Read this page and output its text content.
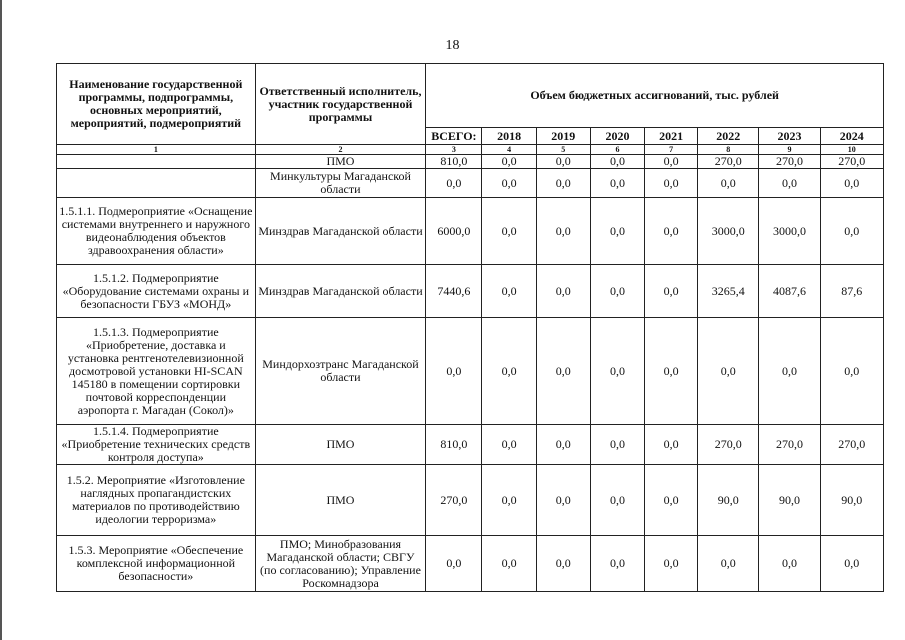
18
Наименование государственной программы, подпрограммы, основных мероприятий, мероприятий, подмероприятий	Ответственный исполнитель, участник государственной программы	Объем бюджетных ассигнований, тыс. рублей							
		ВСЕГО:	2018	2019	2020	2021	2022	2023	2024
1	2	3	4	5	6	7	8	9	10
	ПМО	810,0	0,0	0,0	0,0	0,0	270,0	270,0	270,0
	Минкультуры Магаданской области	0,0	0,0	0,0	0,0	0,0	0,0	0,0	0,0
1.5.1.1. Подмероприятие «Оснащение системами внутреннего и наружного видеонаблюдения объектов здравоохранения области»	Минздрав Магаданской области	6000,0	0,0	0,0	0,0	0,0	3000,0	3000,0	0,0
1.5.1.2. Подмероприятие «Оборудование системами охраны и безопасности ГБУЗ «МОНД»	Минздрав Магаданской области	7440,6	0,0	0,0	0,0	0,0	3265,4	4087,6	87,6
1.5.1.3. Подмероприятие «Приобретение, доставка и установка рентгенотелевизионной досмотровой установки HI-SCAN 145180 в помещении сортировки почтовой корреспонденции аэропорта г. Магадан (Сокол)»	Миндорхозтранс Магаданской области	0,0	0,0	0,0	0,0	0,0	0,0	0,0	0,0
1.5.1.4. Подмероприятие «Приобретение технических средств контроля доступа»	ПМО	810,0	0,0	0,0	0,0	0,0	270,0	270,0	270,0
1.5.2. Мероприятие «Изготовление наглядных пропагандистских материалов по противодействию идеологии терроризма»	ПМО	270,0	0,0	0,0	0,0	0,0	90,0	90,0	90,0
1.5.3. Мероприятие «Обеспечение комплексной информационной безопасности»	ПМО; Минобразования Магаданской области; СВГУ (по согласованию); Управление Роскомнадзора	0,0	0,0	0,0	0,0	0,0	0,0	0,0	0,0
